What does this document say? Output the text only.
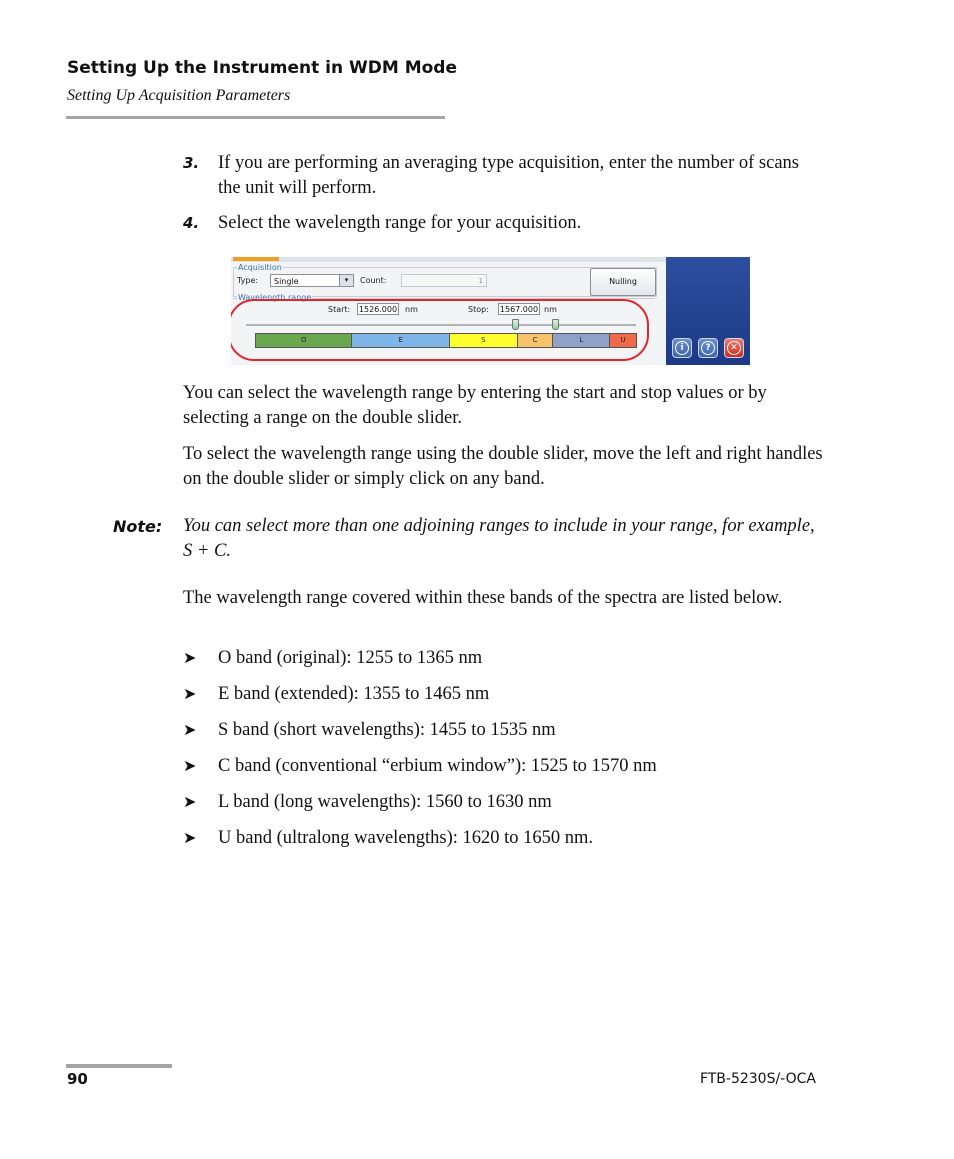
Setting Up the Instrument in WDM Mode
Setting Up Acquisition Parameters
3. If you are performing an averaging type acquisition, enter the number of scans the unit will perform.
4. Select the wavelength range for your acquisition.
Acquisition
Type:	Single	▾	Count:	1	Nulling
Wavelength range
Start: 1526.000 nm	Stop: 1567.000 nm
O	E	S	C	L	U
i	?	✕
You can select the wavelength range by entering the start and stop values or by selecting a range on the double slider.
To select the wavelength range using the double slider, move the left and right handles on the double slider or simply click on any band.
Note: You can select more than one adjoining ranges to include in your range, for example, S + C.
The wavelength range covered within these bands of the spectra are listed below.
➤ O band (original): 1255 to 1365 nm
➤ E band (extended): 1355 to 1465 nm
➤ S band (short wavelengths): 1455 to 1535 nm
➤ C band (conventional “erbium window”): 1525 to 1570 nm
➤ L band (long wavelengths): 1560 to 1630 nm
➤ U band (ultralong wavelengths): 1620 to 1650 nm.
90	FTB-5230S/-OCA
